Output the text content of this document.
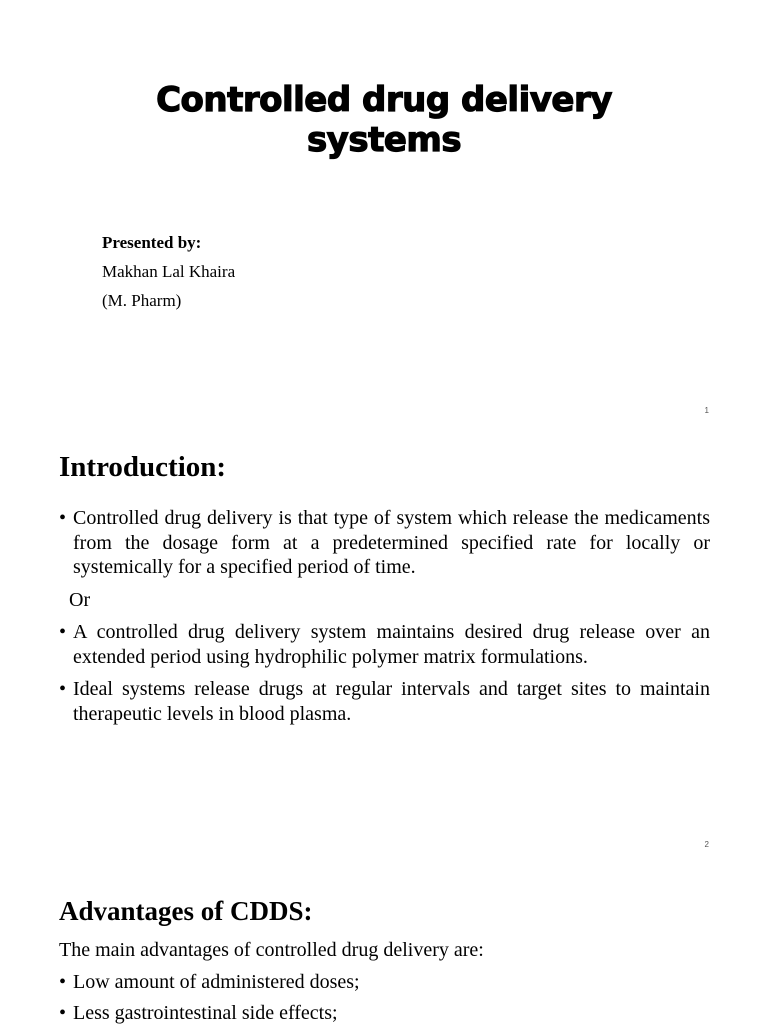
Controlled drug delivery
systems
Presented by:
Makhan Lal Khaira
(M. Pharm)
1
Introduction:
• Controlled drug delivery is that type of system which release the medicaments from the dosage form at a predetermined specified rate for locally or systemically for a specified period of time.
Or
• A controlled drug delivery system maintains desired drug release over an extended period using hydrophilic polymer matrix formulations.
• Ideal systems release drugs at regular intervals and target sites to maintain therapeutic levels in blood plasma.
2
Advantages of CDDS:
The main advantages of controlled drug delivery are:
• Low amount of administered doses;
• Less gastrointestinal side effects;
